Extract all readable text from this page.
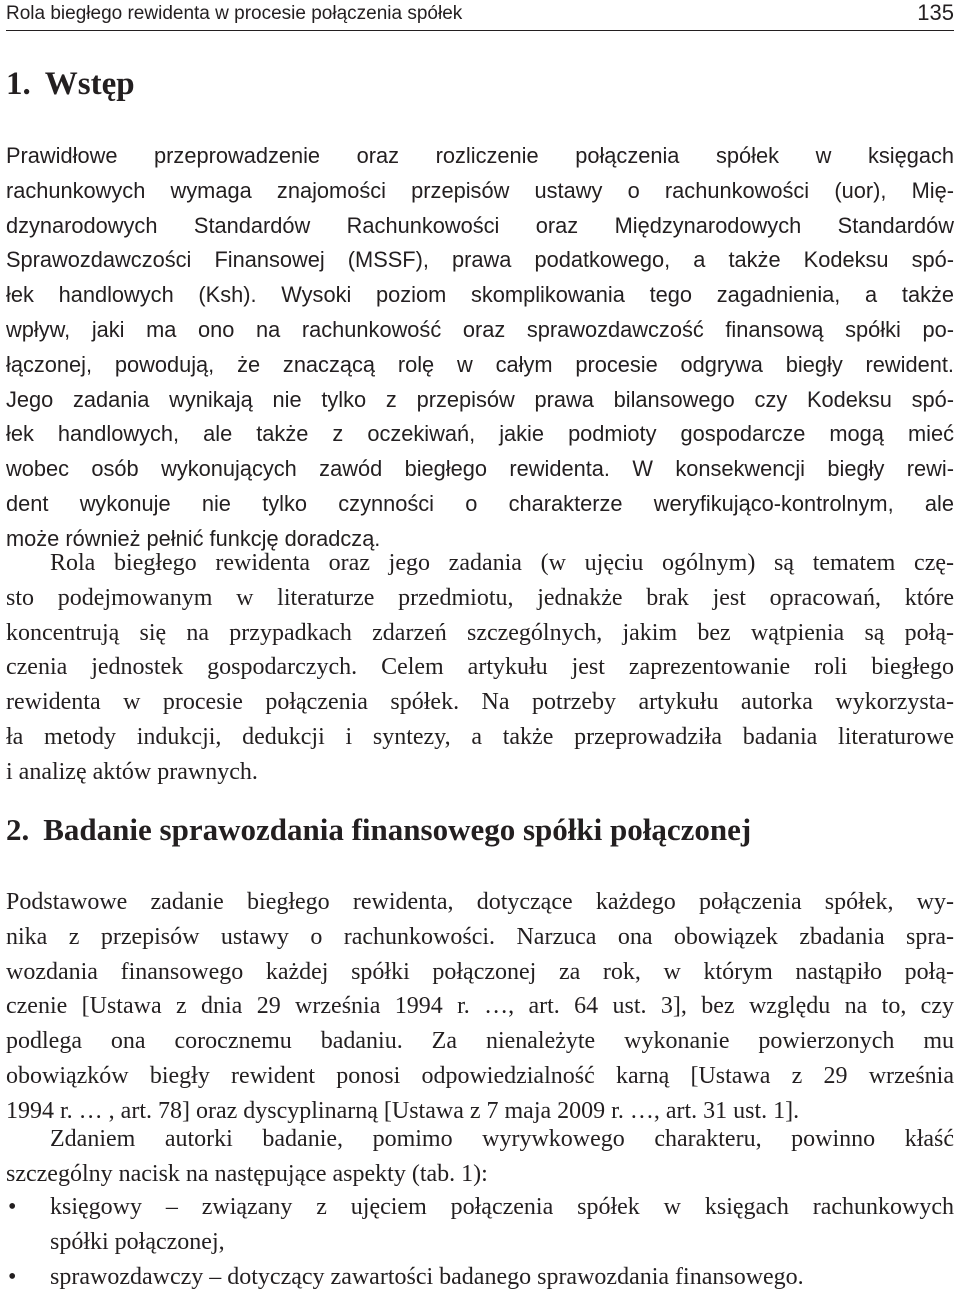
Rola biegłego rewidenta w procesie połączenia spółek	135
1. Wstęp
Prawidłowe przeprowadzenie oraz rozliczenie połączenia spółek w księgach
rachunkowych wymaga znajomości przepisów ustawy o rachunkowości (uor), Mię-
dzynarodowych Standardów Rachunkowości oraz Międzynarodowych Standardów
Sprawozdawczości Finansowej (MSSF), prawa podatkowego, a także Kodeksu spó-
łek handlowych (Ksh). Wysoki poziom skomplikowania tego zagadnienia, a także
wpływ, jaki ma ono na rachunkowość oraz sprawozdawczość finansową spółki po-
łączonej, powodują, że znaczącą rolę w całym procesie odgrywa biegły rewident.
Jego zadania wynikają nie tylko z przepisów prawa bilansowego czy Kodeksu spó-
łek handlowych, ale także z oczekiwań, jakie podmioty gospodarcze mogą mieć
wobec osób wykonujących zawód biegłego rewidenta. W konsekwencji biegły rewi-
dent wykonuje nie tylko czynności o charakterze weryfikująco-kontrolnym, ale
może również pełnić funkcję doradczą.
Rola biegłego rewidenta oraz jego zadania (w ujęciu ogólnym) są tematem czę-
sto podejmowanym w literaturze przedmiotu, jednakże brak jest opracowań, które
koncentrują się na przypadkach zdarzeń szczególnych, jakim bez wątpienia są połą-
czenia jednostek gospodarczych. Celem artykułu jest zaprezentowanie roli biegłego
rewidenta w procesie połączenia spółek. Na potrzeby artykułu autorka wykorzysta-
ła metody indukcji, dedukcji i syntezy, a także przeprowadziła badania literaturowe
i analizę aktów prawnych.
2. Badanie sprawozdania finansowego spółki połączonej
Podstawowe zadanie biegłego rewidenta, dotyczące każdego połączenia spółek, wy-
nika z przepisów ustawy o rachunkowości. Narzuca ona obowiązek zbadania spra-
wozdania finansowego każdej spółki połączonej za rok, w którym nastąpiło połą-
czenie [Ustawa z dnia 29 września 1994 r. …, art. 64 ust. 3], bez względu na to, czy
podlega ona corocznemu badaniu. Za nienależyte wykonanie powierzonych mu
obowiązków biegły rewident ponosi odpowiedzialność karną [Ustawa z 29 września
1994 r. … , art. 78] oraz dyscyplinarną [Ustawa z 7 maja 2009 r. …, art. 31 ust. 1].
Zdaniem autorki badanie, pomimo wyrywkowego charakteru, powinno kłaść
szczególny nacisk na następujące aspekty (tab. 1):
• księgowy – związany z ujęciem połączenia spółek w księgach rachunkowych
spółki połączonej,
• sprawozdawczy – dotyczący zawartości badanego sprawozdania finansowego.
